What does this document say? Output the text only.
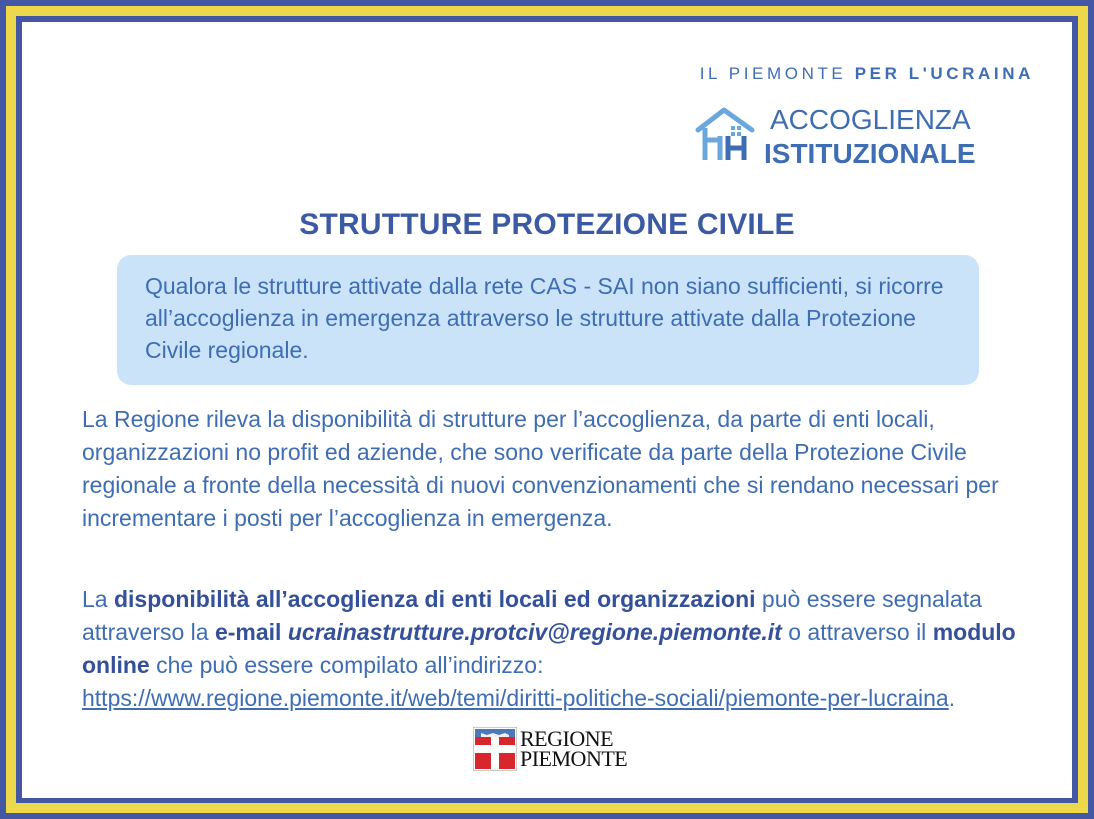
IL PIEMONTE PER L'UCRAINA
ACCOGLIENZA
ISTITUZIONALE
STRUTTURE PROTEZIONE CIVILE

Qualora le strutture attivate dalla rete CAS - SAI non siano sufficienti, si ricorre all’accoglienza in emergenza attraverso le strutture attivate dalla Protezione Civile regionale.

La Regione rileva la disponibilità di strutture per l’accoglienza, da parte di enti locali, organizzazioni no profit ed aziende, che sono verificate da parte della Protezione Civile regionale a fronte della necessità di nuovi convenzionamenti che si rendano necessari per incrementare i posti per l’accoglienza in emergenza.

La disponibilità all’accoglienza di enti locali ed organizzazioni può essere segnalata attraverso la e-mail ucrainastrutture.protciv@regione.piemonte.it o attraverso il modulo online che può essere compilato all’indirizzo: https://www.regione.piemonte.it/web/temi/diritti-politiche-sociali/piemonte-per-lucraina.

REGIONE
PIEMONTE
